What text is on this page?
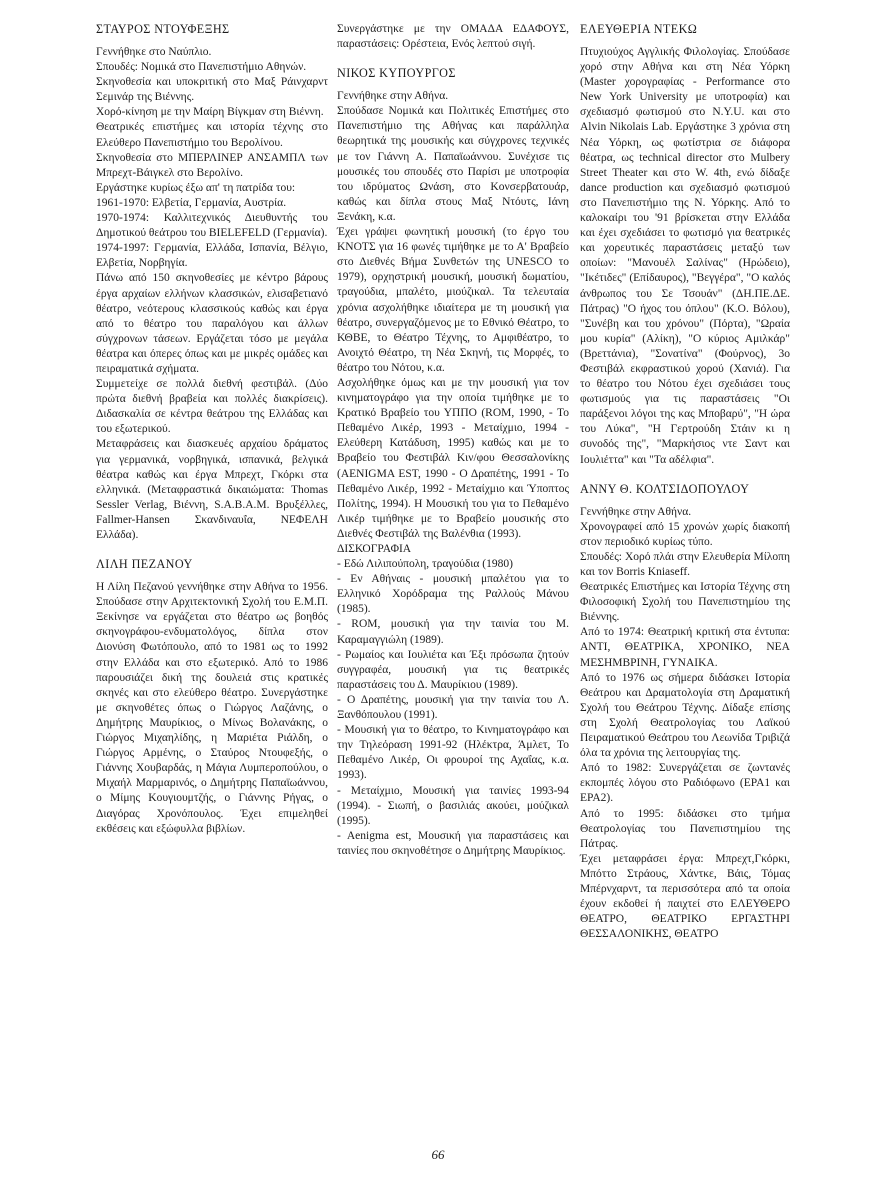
ΣΤΑΥΡΟΣ ΝΤΟΥΦΕΞΗΣ

Γεννήθηκε στο Ναύπλιο.

Σπουδές: Νομικά στο Πανεπιστήμιο Αθηνών.

Σκηνοθεσία και υποκριτική στο Μαξ Ράινχαρντ Σεμινάρ της Βιέννης.

Χορό-κίνηση με την Μαίρη Βίγκμαν στη Βιέννη.

Θεατρικές επιστήμες και ιστορία τέχνης στο Ελεύθερο Πανεπιστήμιο του Βερολίνου.

Σκηνοθεσία στο ΜΠΕΡΛΙΝΕΡ ΑΝΣΑΜΠΛ των Μπρεχτ-Βάιγκελ στο Βερολίνο.

Εργάστηκε κυρίως έξω απ' τη πατρίδα του:

1961-1970: Ελβετία, Γερμανία, Αυστρία.

1970-1974: Καλλιτεχνικός Διευθυντής του Δημοτικού θεάτρου του BIELEFELD (Γερμανία).

1974-1997: Γερμανία, Ελλάδα, Ισπανία, Βέλγιο, Ελβετία, Νορβηγία.

Πάνω από 150 σκηνοθεσίες με κέντρο βάρους έργα αρχαίων ελλήνων κλασσικών, ελισαβετιανό θέατρο, νεότερους κλασσικούς καθώς και έργα από το θέατρο του παραλόγου και άλλων σύγχρονων τάσεων. Εργάζεται τόσο με μεγάλα θέατρα και όπερες όπως και με μικρές ομάδες και πειραματικά σχήματα.

Συμμετείχε σε πολλά διεθνή φεστιβάλ. (Δύο πρώτα διεθνή βραβεία και πολλές διακρίσεις). Διδασκαλία σε κέντρα θεάτρου της Ελλάδας και του εξωτερικού.

Μεταφράσεις και διασκευές αρχαίου δράματος για γερμανικά, νορβηγικά, ισπανικά, βελγικά θέατρα καθώς και έργα Μπρεχτ, Γκόρκι στα ελληνικά. (Μεταφραστικά δικαιώματα: Thomas Sessler Verlag, Βιέννη, S.A.B.A.M. Βρυξέλλες, Fallmer-Hansen Σκανδιναυΐα, ΝΕΦΕΛΗ Ελλάδα).

ΛΙΛΗ ΠΕΖΑΝΟΥ

Η Λίλη Πεζανού γεννήθηκε στην Αθήνα το 1956. Σπούδασε στην Αρχιτεκτονική Σχολή του Ε.Μ.Π. Ξεκίνησε να εργάζεται στο θέατρο ως βοηθός σκηνογράφου-ενδυματολόγος, δίπλα στον Διονύση Φωτόπουλο, από το 1981 ως το 1992 στην Ελλάδα και στο εξωτερικό. Από το 1986 παρουσιάζει δική της δουλειά στις κρατικές σκηνές και στο ελεύθερο θέατρο. Συνεργάστηκε με σκηνοθέτες όπως ο Γιώργος Λαζάνης, ο Δημήτρης Μαυρίκιος, ο Μίνως Βολανάκης, ο Γιώργος Μιχαηλίδης, η Μαριέτα Ριάλδη, ο Γιώργος Αρμένης, ο Σταύρος Ντουφεξής, ο Γιάννης Χουβαρδάς, η Μάγια Λυμπεροπούλου, ο Μιχαήλ Μαρμαρινός, ο Δημήτρης Παπαϊωάννου, ο Μίμης Κουγιουμτζής, ο Γιάννης Ρήγας, ο Διαγόρας Χρονόπουλος. Έχει επιμεληθεί εκθέσεις και εξώφυλλα βιβλίων.

Συνεργάστηκε με την ΟΜΑΔΑ ΕΔΑΦΟΥΣ, παραστάσεις: Ορέστεια, Ενός λεπτού σιγή.

ΝΙΚΟΣ ΚΥΠΟΥΡΓΟΣ

Γεννήθηκε στην Αθήνα.

Σπούδασε Νομικά και Πολιτικές Επιστήμες στο Πανεπιστήμιο της Αθήνας και παράλληλα θεωρητικά της μουσικής και σύγχρονες τεχνικές με τον Γιάννη Α. Παπαϊωάννου. Συνέχισε τις μουσικές του σπουδές στο Παρίσι με υποτροφία του ιδρύματος Ωνάση, στο Κονσερβατουάρ, καθώς και δίπλα στους Μαξ Ντόυτς, Ιάνη Ξενάκη, κ.α.

Έχει γράψει φωνητική μουσική (το έργο του ΚΝΟΤΣ για 16 φωνές τιμήθηκε με το Α' Βραβείο στο Διεθνές Βήμα Συνθετών της UNESCO το 1979), ορχηστρική μουσική, μουσική δωματίου, τραγούδια, μπαλέτο, μιούζικαλ. Τα τελευταία χρόνια ασχολήθηκε ιδιαίτερα με τη μουσική για θέατρο, συνεργαζόμενος με το Εθνικό Θέατρο, το ΚΘΒΕ, το Θέατρο Τέχνης, το Αμφιθέατρο, το Ανοιχτό Θέατρο, τη Νέα Σκηνή, τις Μορφές, το θέατρο του Νότου, κ.α.

Ασχολήθηκε όμως και με την μουσική για τον κινηματογράφο για την οποία τιμήθηκε με το Κρατικό Βραβείο του ΥΠΠΟ (ROM, 1990, - Το Πεθαμένο Λικέρ, 1993 - Μεταίχμιο, 1994 - Ελεύθερη Κατάδυση, 1995) καθώς και με το Βραβείο του Φεστιβάλ Κιν/φου Θεσσαλονίκης (AENIGMA EST, 1990 - Ο Δραπέτης, 1991 - Το Πεθαμένο Λικέρ, 1992 - Μεταίχμιο και Ύποπτος Πολίτης, 1994). Η Μουσική του για το Πεθαμένο Λικέρ τιμήθηκε με το Βραβείο μουσικής στο Διεθνές Φεστιβάλ της Βαλένθια (1993).

ΔΙΣΚΟΓΡΑΦΙΑ

- Εδώ Λιλιπούπολη, τραγούδια (1980)

- Εν Αθήναις - μουσική μπαλέτου για το Ελληνικό Χορόδραμα της Ραλλούς Μάνου (1985).

- ROM, μουσική για την ταινία του Μ. Καραμαγγιώλη (1989).

- Ρωμαίος και Ιουλιέτα και Έξι πρόσωπα ζητούν συγγραφέα, μουσική για τις θεατρικές παραστάσεις του Δ. Μαυρίκιου (1989).

- Ο Δραπέτης, μουσική για την ταινία του Λ. Ξανθόπουλου (1991).

- Μουσική για το θέατρο, το Κινηματογράφο και την Τηλεόραση 1991-92 (Ηλέκτρα, Άμλετ, Το Πεθαμένο Λικέρ, Οι φρουροί της Αχαΐας, κ.α. 1993).

- Μεταίχμιο, Μουσική για ταινίες 1993-94 (1994). - Σιωπή, ο βασιλιάς ακούει, μούζικαλ (1995).

- Aenigma est, Μουσική για παραστάσεις και ταινίες που σκηνοθέτησε ο Δημήτρης Μαυρίκιος.

ΕΛΕΥΘΕΡΙΑ ΝΤΕΚΩ

Πτυχιούχος Αγγλικής Φιλολογίας. Σπούδασε χορό στην Αθήνα και στη Νέα Υόρκη (Master χορογραφίας - Performance στο New York University με υποτροφία) και σχεδιασμό φωτισμού στο N.Y.U. και στο Alvin Nikolais Lab. Εργάστηκε 3 χρόνια στη Νέα Υόρκη, ως φωτίστρια σε διάφορα θέατρα, ως technical director στο Mulbery Street Theater και στο W. 4th, ενώ δίδαξε dance production και σχεδιασμό φωτισμού στο Πανεπιστήμιο της Ν. Υόρκης. Από το καλοκαίρι του '91 βρίσκεται στην Ελλάδα και έχει σχεδιάσει το φωτισμό για θεατρικές και χορευτικές παραστάσεις μεταξύ των οποίων: "Μανουέλ Σαλίνας" (Ηρώδειο), "Ικέτιδες" (Επίδαυρος), "Βεγγέρα", "Ο καλός άνθρωπος του Σε Τσουάν" (ΔΗ.ΠΕ.ΔΕ. Πάτρας) "Ο ήχος του όπλου" (Κ.Ο. Βόλου), "Συνέβη και του χρόνου" (Πόρτα), "Ωραία μου κυρία" (Αλίκη), "Ο κύριος Αμιλκάρ" (Βρεττάνια), "Σονατίνα" (Φούρνος), 3ο Φεστιβάλ εκφραστικού χορού (Χανιά). Για το θέατρο του Νότου έχει σχεδιάσει τους φωτισμούς για τις παραστάσεις "Οι παράξενοι λόγοι της κας Μποβαρύ", "Η ώρα του Λύκα", "Η Γερτρούδη Στάιν κι η συνοδός της", "Μαρκήσιος ντε Σαντ και Ιουλιέττα" και "Τα αδέλφια".

ΑΝΝΥ Θ. ΚΟΛΤΣΙΔΟΠΟΥΛΟΥ

Γεννήθηκε στην Αθήνα.

Χρονογραφεί από 15 χρονών χωρίς διακοπή στον περιοδικό κυρίως τύπο.

Σπουδές: Χορό πλάι στην Ελευθερία Μίλοπη και τον Borris Kniaseff.

Θεατρικές Επιστήμες και Ιστορία Τέχνης στη Φιλοσοφική Σχολή του Πανεπιστημίου της Βιέννης.

Από το 1974: Θεατρική κριτική στα έντυπα: ΑΝΤΙ, ΘΕΑΤΡΙΚΑ, ΧΡΟΝΙΚΟ, ΝΕΑ ΜΕΣΗΜΒΡΙΝΗ, ΓΥΝΑΙΚΑ.

Από το 1976 ως σήμερα διδάσκει Ιστορία Θεάτρου και Δραματολογία στη Δραματική Σχολή του Θεάτρου Τέχνης. Δίδαξε επίσης στη Σχολή Θεατρολογίας του Λαϊκού Πειραματικού Θεάτρου του Λεωνίδα Τριβιζά όλα τα χρόνια της λειτουργίας της.

Από το 1982: Συνεργάζεται σε ζωντανές εκπομπές λόγου στο Ραδιόφωνο (ΕΡΑ1 και ΕΡΑ2).

Από το 1995: διδάσκει στο τμήμα Θεατρολογίας του Πανεπιστημίου της Πάτρας.

Έχει μεταφράσει έργα: Μπρεχτ,Γκόρκι, Μπόττο Στράους, Χάντκε, Βάις, Τόμας Μπέρνχαρντ, τα περισσότερα από τα οποία έχουν εκδοθεί ή παιχτεί στο ΕΛΕΥΘΕΡΟ ΘΕΑΤΡΟ, ΘΕΑΤΡΙΚΟ ΕΡΓΑΣΤΗΡΙ ΘΕΣΣΑΛΟΝΙΚΗΣ, ΘΕΑΤΡΟ

66
